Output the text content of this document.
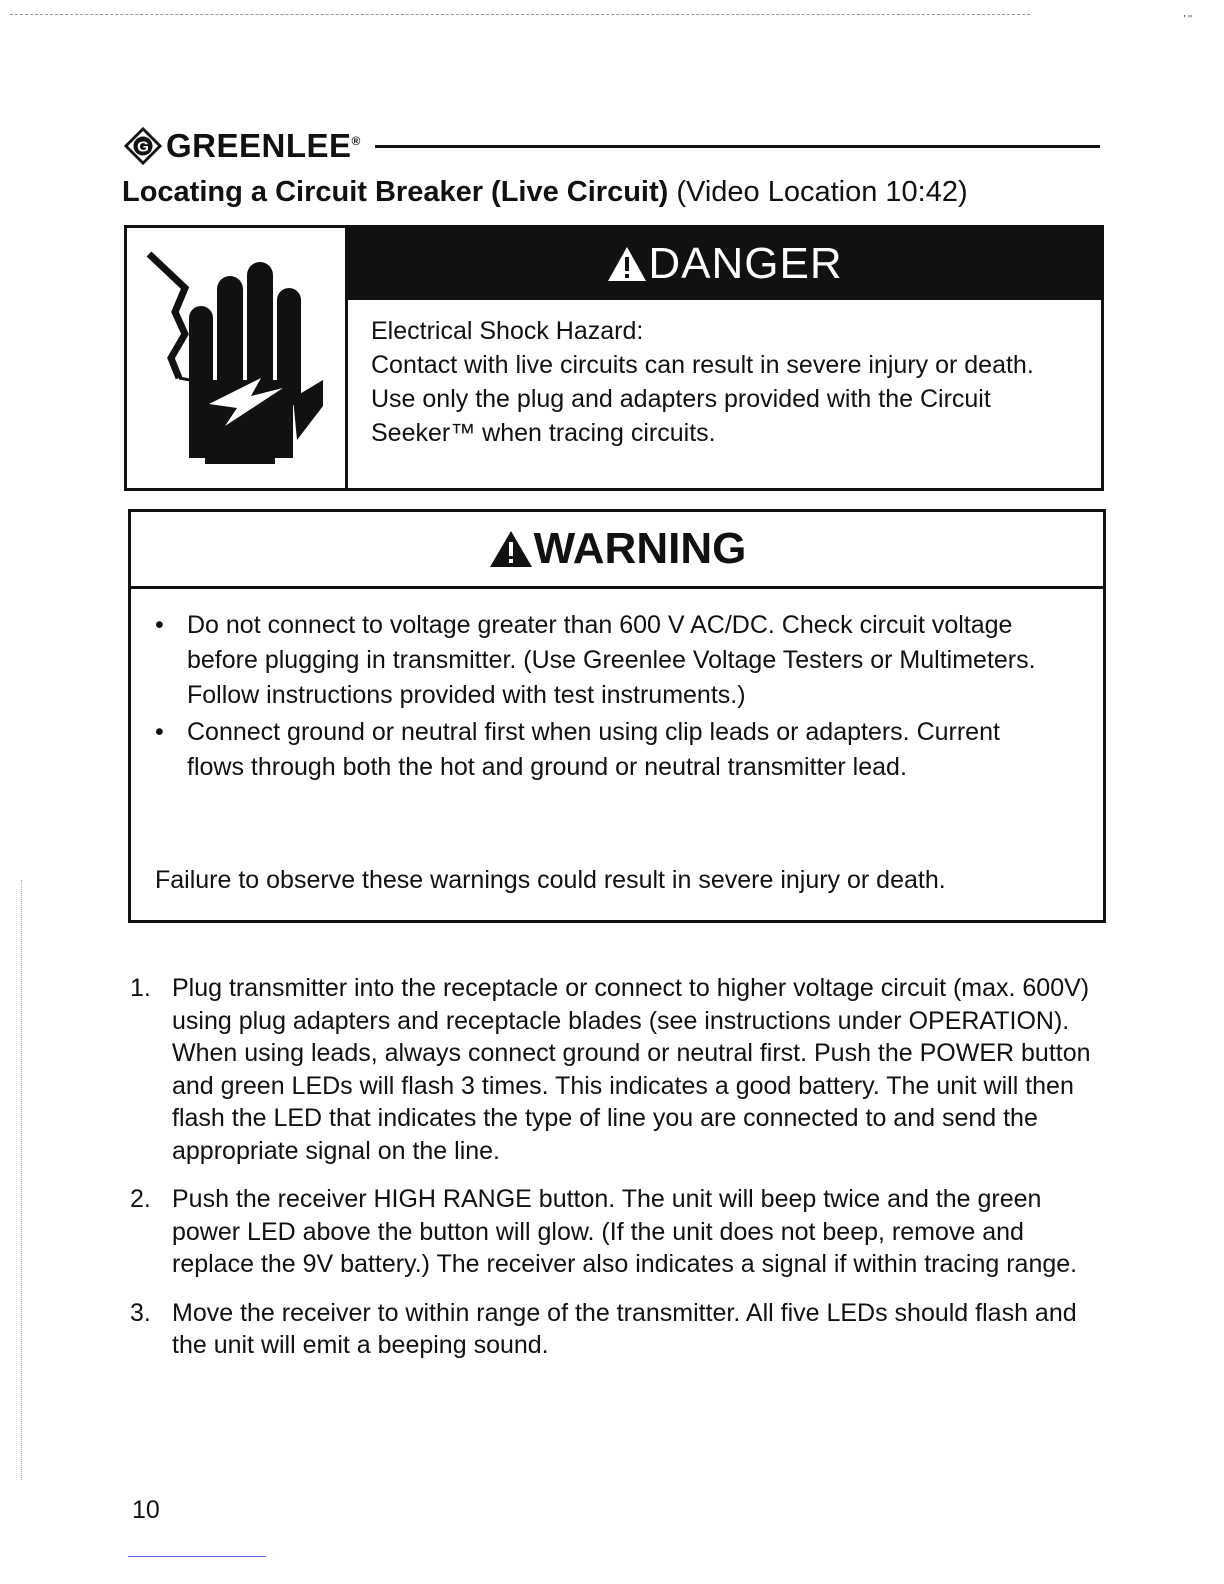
' ''
G GREENLEE®
Locating a Circuit Breaker (Live Circuit) (Video Location 10:42)
DANGER

Electrical Shock Hazard:

Contact with live circuits can result in severe injury or death. Use only the plug and adapters provided with the Circuit Seeker™ when tracing circuits.

WARNING
• Do not connect to voltage greater than 600 V AC/DC. Check circuit voltage before plugging in transmitter. (Use Greenlee Voltage Testers or Multimeters. Follow instructions provided with test instruments.)
• Connect ground or neutral first when using clip leads or adapters. Current flows through both the hot and ground or neutral transmitter lead.
Failure to observe these warnings could result in severe injury or death.
1. Plug transmitter into the receptacle or connect to higher voltage circuit (max. 600V) using plug adapters and receptacle blades (see instructions under OPERATION). When using leads, always connect ground or neutral first. Push the POWER button and green LEDs will flash 3 times. This indicates a good battery. The unit will then flash the LED that indicates the type of line you are connected to and send the appropriate signal on the line.
2. Push the receiver HIGH RANGE button. The unit will beep twice and the green power LED above the button will glow. (If the unit does not beep, remove and replace the 9V battery.) The receiver also indicates a signal if within tracing range.
3. Move the receiver to within range of the transmitter. All five LEDs should flash and the unit will emit a beeping sound.
10
